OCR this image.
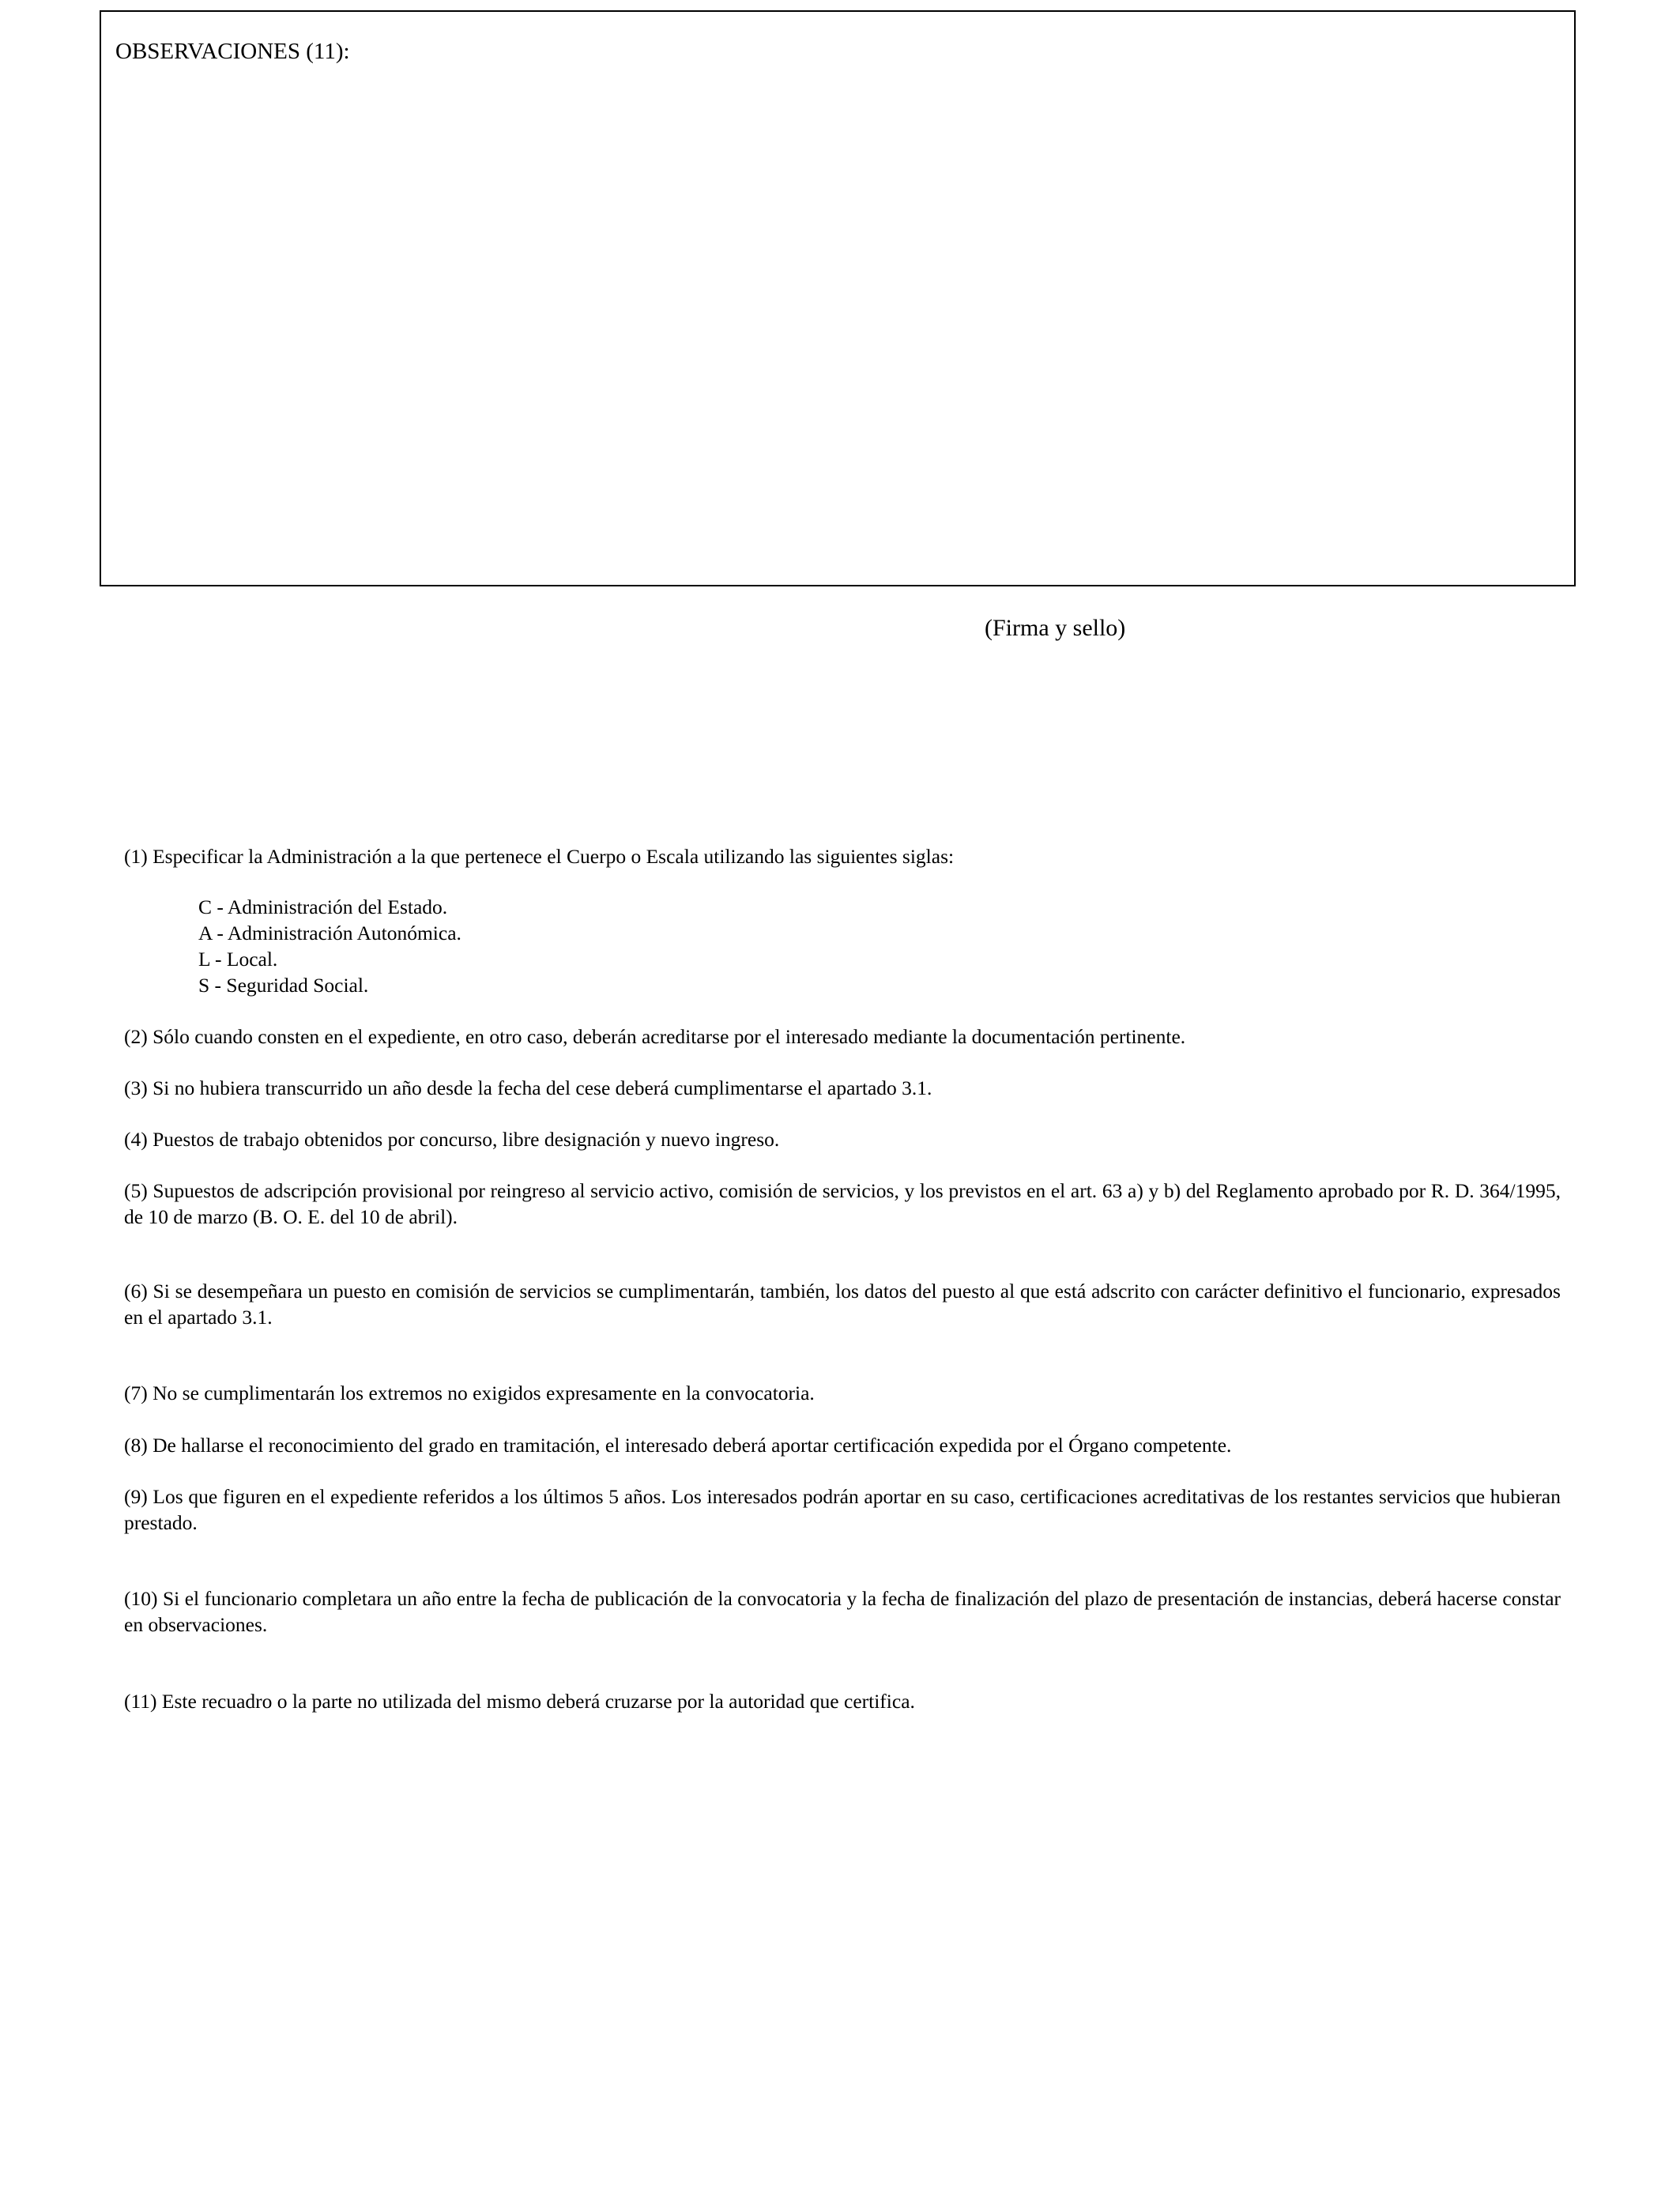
OBSERVACIONES (11):
(Firma y sello)

(1) Especificar la Administración a la que pertenece el Cuerpo o Escala utilizando las siguientes siglas:

C - Administración del Estado.
A - Administración Autonómica.
L - Local.
S - Seguridad Social.

(2) Sólo cuando consten en el expediente, en otro caso, deberán acreditarse por el interesado mediante la documentación pertinente.

(3) Si no hubiera transcurrido un año desde la fecha del cese deberá cumplimentarse el apartado 3.1.

(4) Puestos de trabajo obtenidos por concurso, libre designación y nuevo ingreso.

(5) Supuestos de adscripción provisional por reingreso al servicio activo, comisión de servicios, y los previstos en el art. 63 a) y b) del Reglamento aprobado por R. D. 364/1995, de 10 de marzo (B. O. E. del 10 de abril).

(6) Si se desempeñara un puesto en comisión de servicios se cumplimentarán, también, los datos del puesto al que está adscrito con carácter definitivo el funcionario, expresados en el apartado 3.1.

(7) No se cumplimentarán los extremos no exigidos expresamente en la convocatoria.

(8) De hallarse el reconocimiento del grado en tramitación, el interesado deberá aportar certificación expedida por el Órgano competente.

(9) Los que figuren en el expediente referidos a los últimos 5 años. Los interesados podrán aportar en su caso, certificaciones acreditativas de los restantes servicios que hubieran prestado.

(10) Si el funcionario completara un año entre la fecha de publicación de la convocatoria y la fecha de finalización del plazo de presentación de instancias, deberá hacerse constar en observaciones.

(11) Este recuadro o la parte no utilizada del mismo deberá cruzarse por la autoridad que certifica.
